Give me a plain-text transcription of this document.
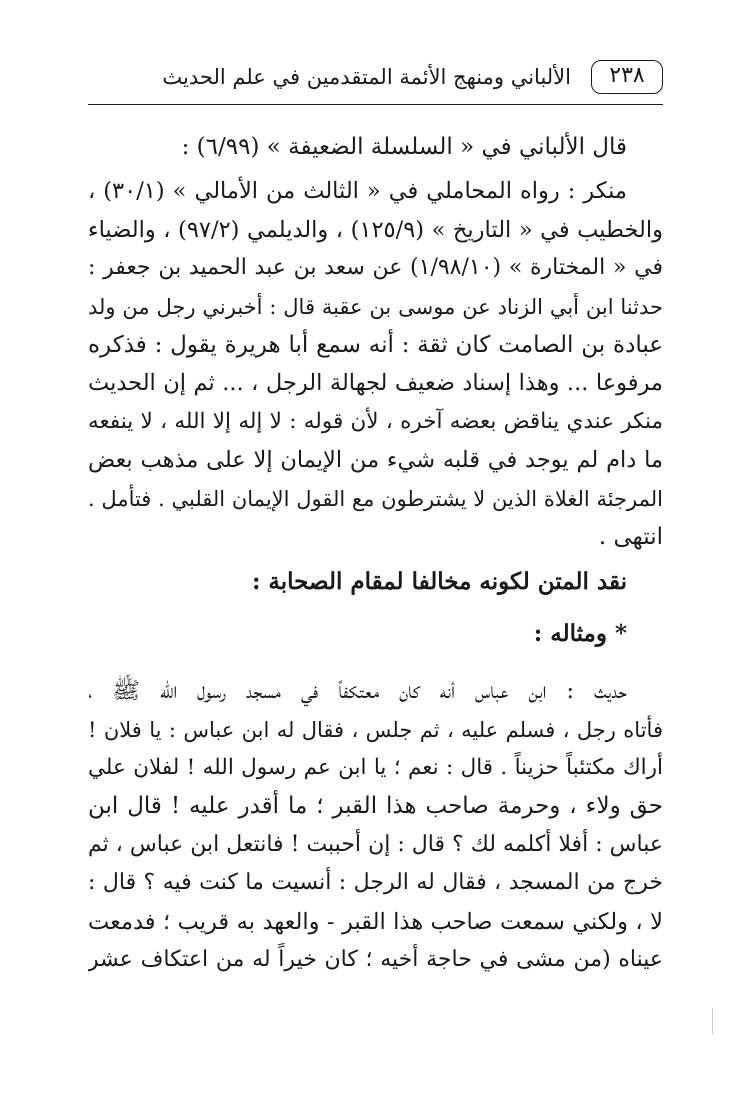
٢٣٨
الألباني ومنهج الأئمة المتقدمين في علم الحديث
قال الألباني في « السلسلة الضعيفة » (٦/٩٩) :
منكر : رواه المحاملي في « الثالث من الأمالي » (٣٠/١) ،
والخطيب في « التاريخ » (١٢٥/٩) ، والديلمي (٩٧/٢) ، والضياء
في « المختارة » (١/٩٨/١٠) عن سعد بن عبد الحميد بن جعفر :
حدثنا ابن أبي الزناد عن موسى بن عقبة قال : أخبرني رجل من ولد
عبادة بن الصامت كان ثقة : أنه سمع أبا هريرة يقول : فذكره
مرفوعا ... وهذا إسناد ضعيف لجهالة الرجل ، ... ثم إن الحديث
منكر عندي يناقض بعضه آخره ، لأن قوله : لا إله إلا الله ، لا ينفعه
ما دام لم يوجد في قلبه شيء من الإيمان إلا على مذهب بعض
المرجئة الغلاة الذين لا يشترطون مع القول الإيمان القلبي . فتأمل .
انتهى .
نقد المتن لكونه مخالفا لمقام الصحابة :
* ومثاله :
حديث : ابن عباس أنه كان معتكفاً في مسجد رسول الله ﷺ ،
فأتاه رجل ، فسلم عليه ، ثم جلس ، فقال له ابن عباس : يا فلان !
أراك مكتئباً حزيناً . قال : نعم ؛ يا ابن عم رسول الله ! لفلان علي
حق ولاء ، وحرمة صاحب هذا القبر ؛ ما أقدر عليه ! قال ابن
عباس : أفلا أكلمه لك ؟ قال : إن أحببت ! فانتعل ابن عباس ، ثم
خرج من المسجد ، فقال له الرجل : أنسيت ما كنت فيه ؟ قال :
لا ، ولكني سمعت صاحب هذا القبر - والعهد به قريب ؛ فدمعت
عيناه (من مشى في حاجة أخيه ؛ كان خيراً له من اعتكاف عشر
